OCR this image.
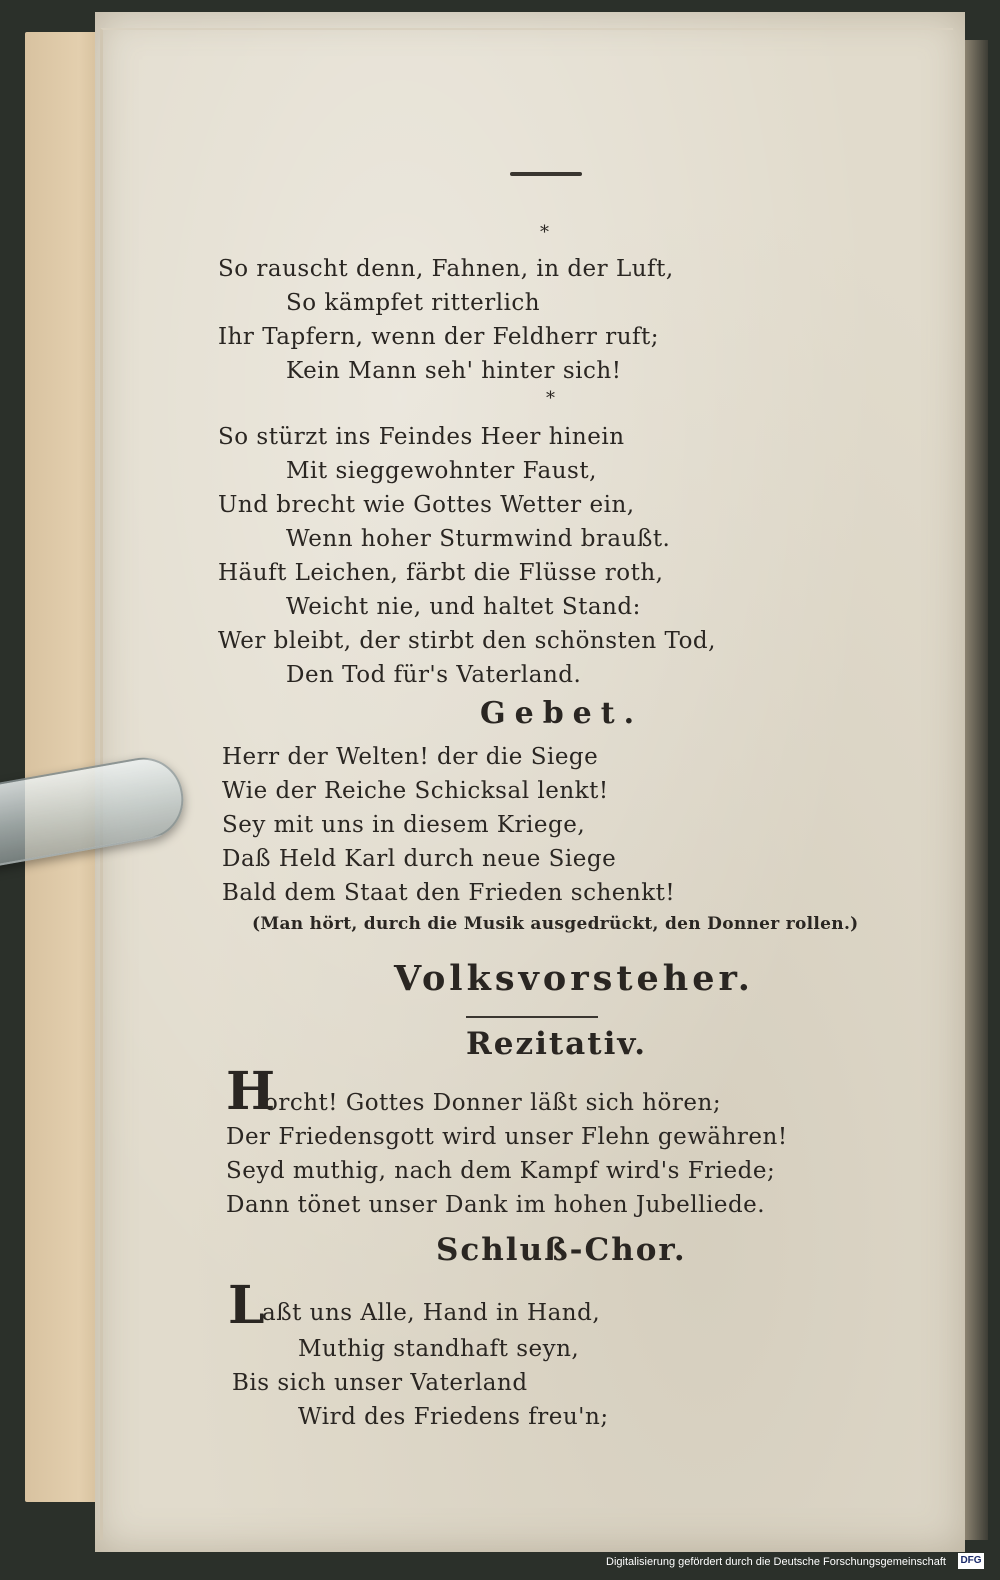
*
So rauscht denn, Fahnen, in der Luft,
So kämpfet ritterlich
Ihr Tapfern, wenn der Feldherr ruft;
Kein Mann seh' hinter sich!
*
So stürzt ins Feindes Heer hinein
Mit sieggewohnter Faust,
Und brecht wie Gottes Wetter ein,
Wenn hoher Sturmwind braußt.
Häuft Leichen, färbt die Flüsse roth,
Weicht nie, und haltet Stand:
Wer bleibt, der stirbt den schönsten Tod,
Den Tod für's Vaterland.
Gebet.
Herr der Welten! der die Siege
Wie der Reiche Schicksal lenkt!
Sey mit uns in diesem Kriege,
Daß Held Karl durch neue Siege
Bald dem Staat den Frieden schenkt!
(Man hört, durch die Musik ausgedrückt, den Donner rollen.)
Volksvorsteher.
Rezitativ.
H
orcht! Gottes Donner läßt sich hören;
Der Friedensgott wird unser Flehn gewähren!
Seyd muthig, nach dem Kampf wird's Friede;
Dann tönet unser Dank im hohen Jubelliede.
Schluß-Chor.
L
aßt uns Alle, Hand in Hand,
Muthig standhaft seyn,
Bis sich unser Vaterland
Wird des Friedens freu'n;
Digitalisierung gefördert durch die Deutsche Forschungsgemeinschaft DFG
